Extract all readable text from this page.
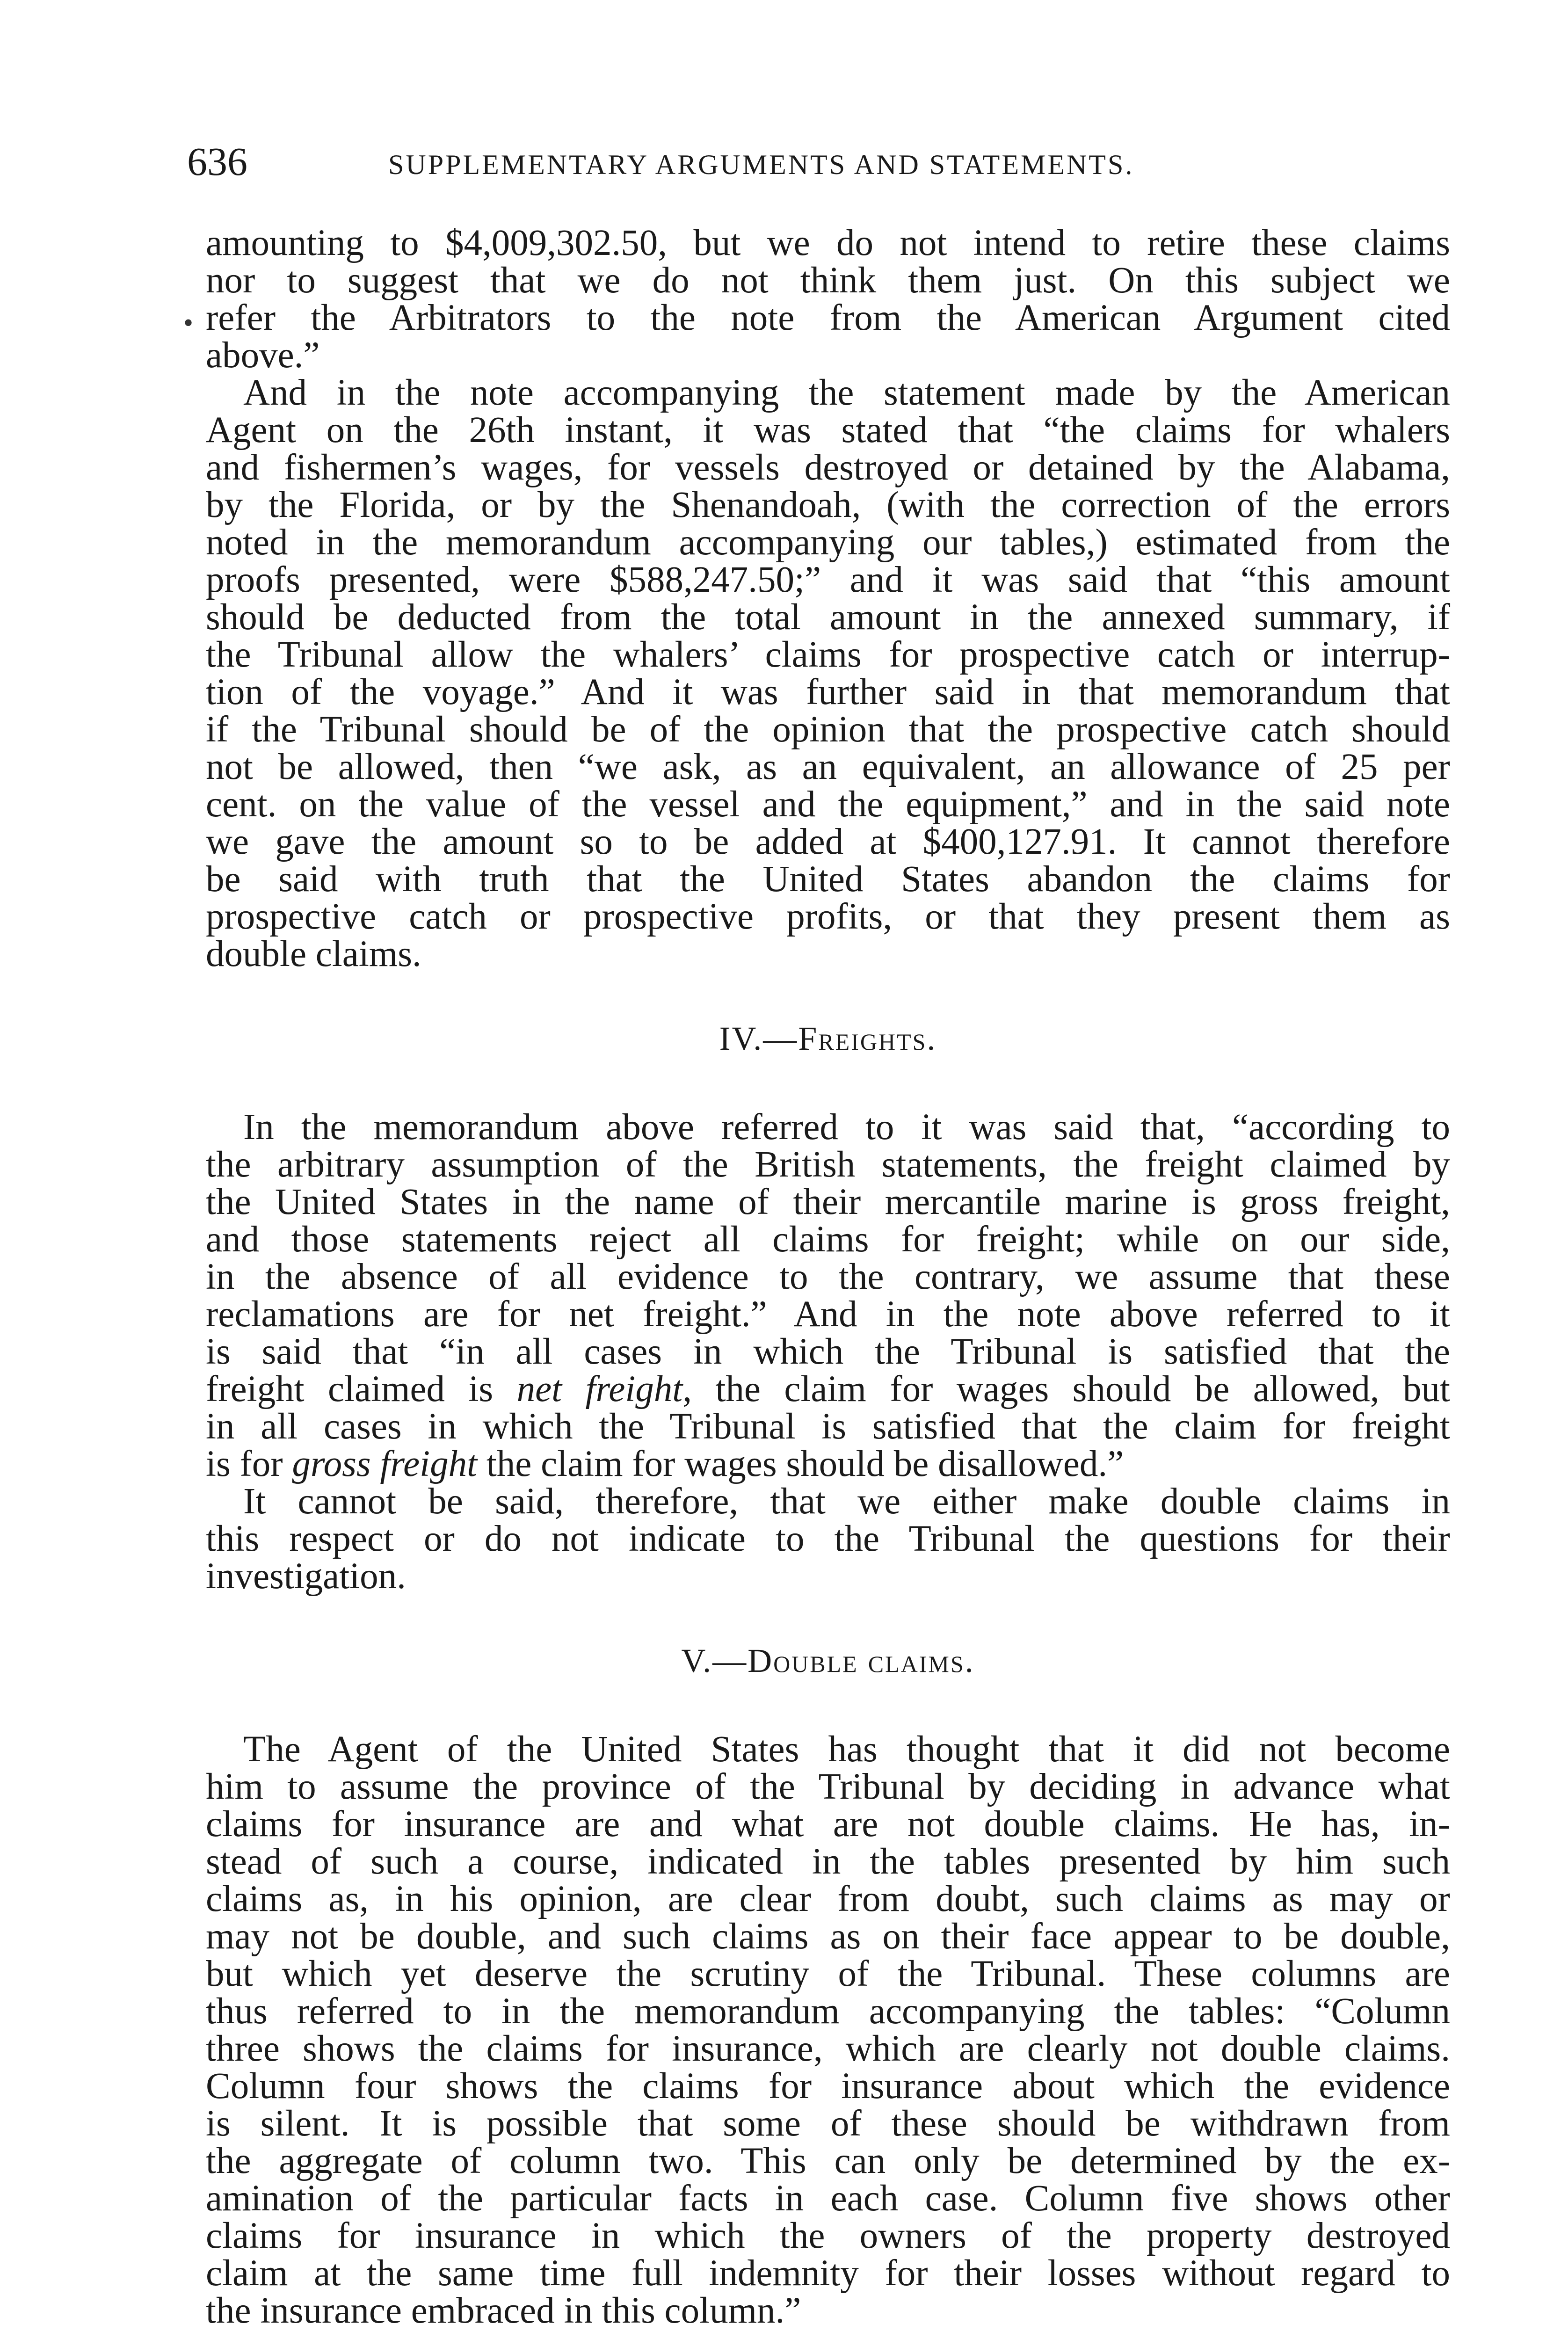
636	SUPPLEMENTARY ARGUMENTS AND STATEMENTS.
•
amounting to $4,009,302.50, but we do not intend to retire these claims
nor to suggest that we do not think them just. On this subject we
refer the Arbitrators to the note from the American Argument cited
above.”
And in the note accompanying the statement made by the American
Agent on the 26th instant, it was stated that “the claims for whalers
and fishermen’s wages, for vessels destroyed or detained by the Alabama,
by the Florida, or by the Shenandoah, (with the correction of the errors
noted in the memorandum accompanying our tables,) estimated from the
proofs presented, were $588,247.50;” and it was said that “this amount
should be deducted from the total amount in the annexed summary, if
the Tribunal allow the whalers’ claims for prospective catch or interrup-
tion of the voyage.” And it was further said in that memorandum that
if the Tribunal should be of the opinion that the prospective catch should
not be allowed, then “we ask, as an equivalent, an allowance of 25 per
cent. on the value of the vessel and the equipment,” and in the said note
we gave the amount so to be added at $400,127.91. It cannot therefore
be said with truth that the United States abandon the claims for
prospective catch or prospective profits, or that they present them as
double claims.
IV.—Freights.
In the memorandum above referred to it was said that, “according to
the arbitrary assumption of the British statements, the freight claimed by
the United States in the name of their mercantile marine is gross freight,
and those statements reject all claims for freight; while on our side,
in the absence of all evidence to the contrary, we assume that these
reclamations are for net freight.” And in the note above referred to it
is said that “in all cases in which the Tribunal is satisfied that the
freight claimed is net freight, the claim for wages should be allowed, but
in all cases in which the Tribunal is satisfied that the claim for freight
is for gross freight the claim for wages should be disallowed.”
It cannot be said, therefore, that we either make double claims in
this respect or do not indicate to the Tribunal the questions for their
investigation.
V.—Double claims.
The Agent of the United States has thought that it did not become
him to assume the province of the Tribunal by deciding in advance what
claims for insurance are and what are not double claims. He has, in-
stead of such a course, indicated in the tables presented by him such
claims as, in his opinion, are clear from doubt, such claims as may or
may not be double, and such claims as on their face appear to be double,
but which yet deserve the scrutiny of the Tribunal. These columns are
thus referred to in the memorandum accompanying the tables: “Column
three shows the claims for insurance, which are clearly not double claims.
Column four shows the claims for insurance about which the evidence
is silent. It is possible that some of these should be withdrawn from
the aggregate of column two. This can only be determined by the ex-
amination of the particular facts in each case. Column five shows other
claims for insurance in which the owners of the property destroyed
claim at the same time full indemnity for their losses without regard to
the insurance embraced in this column.”
